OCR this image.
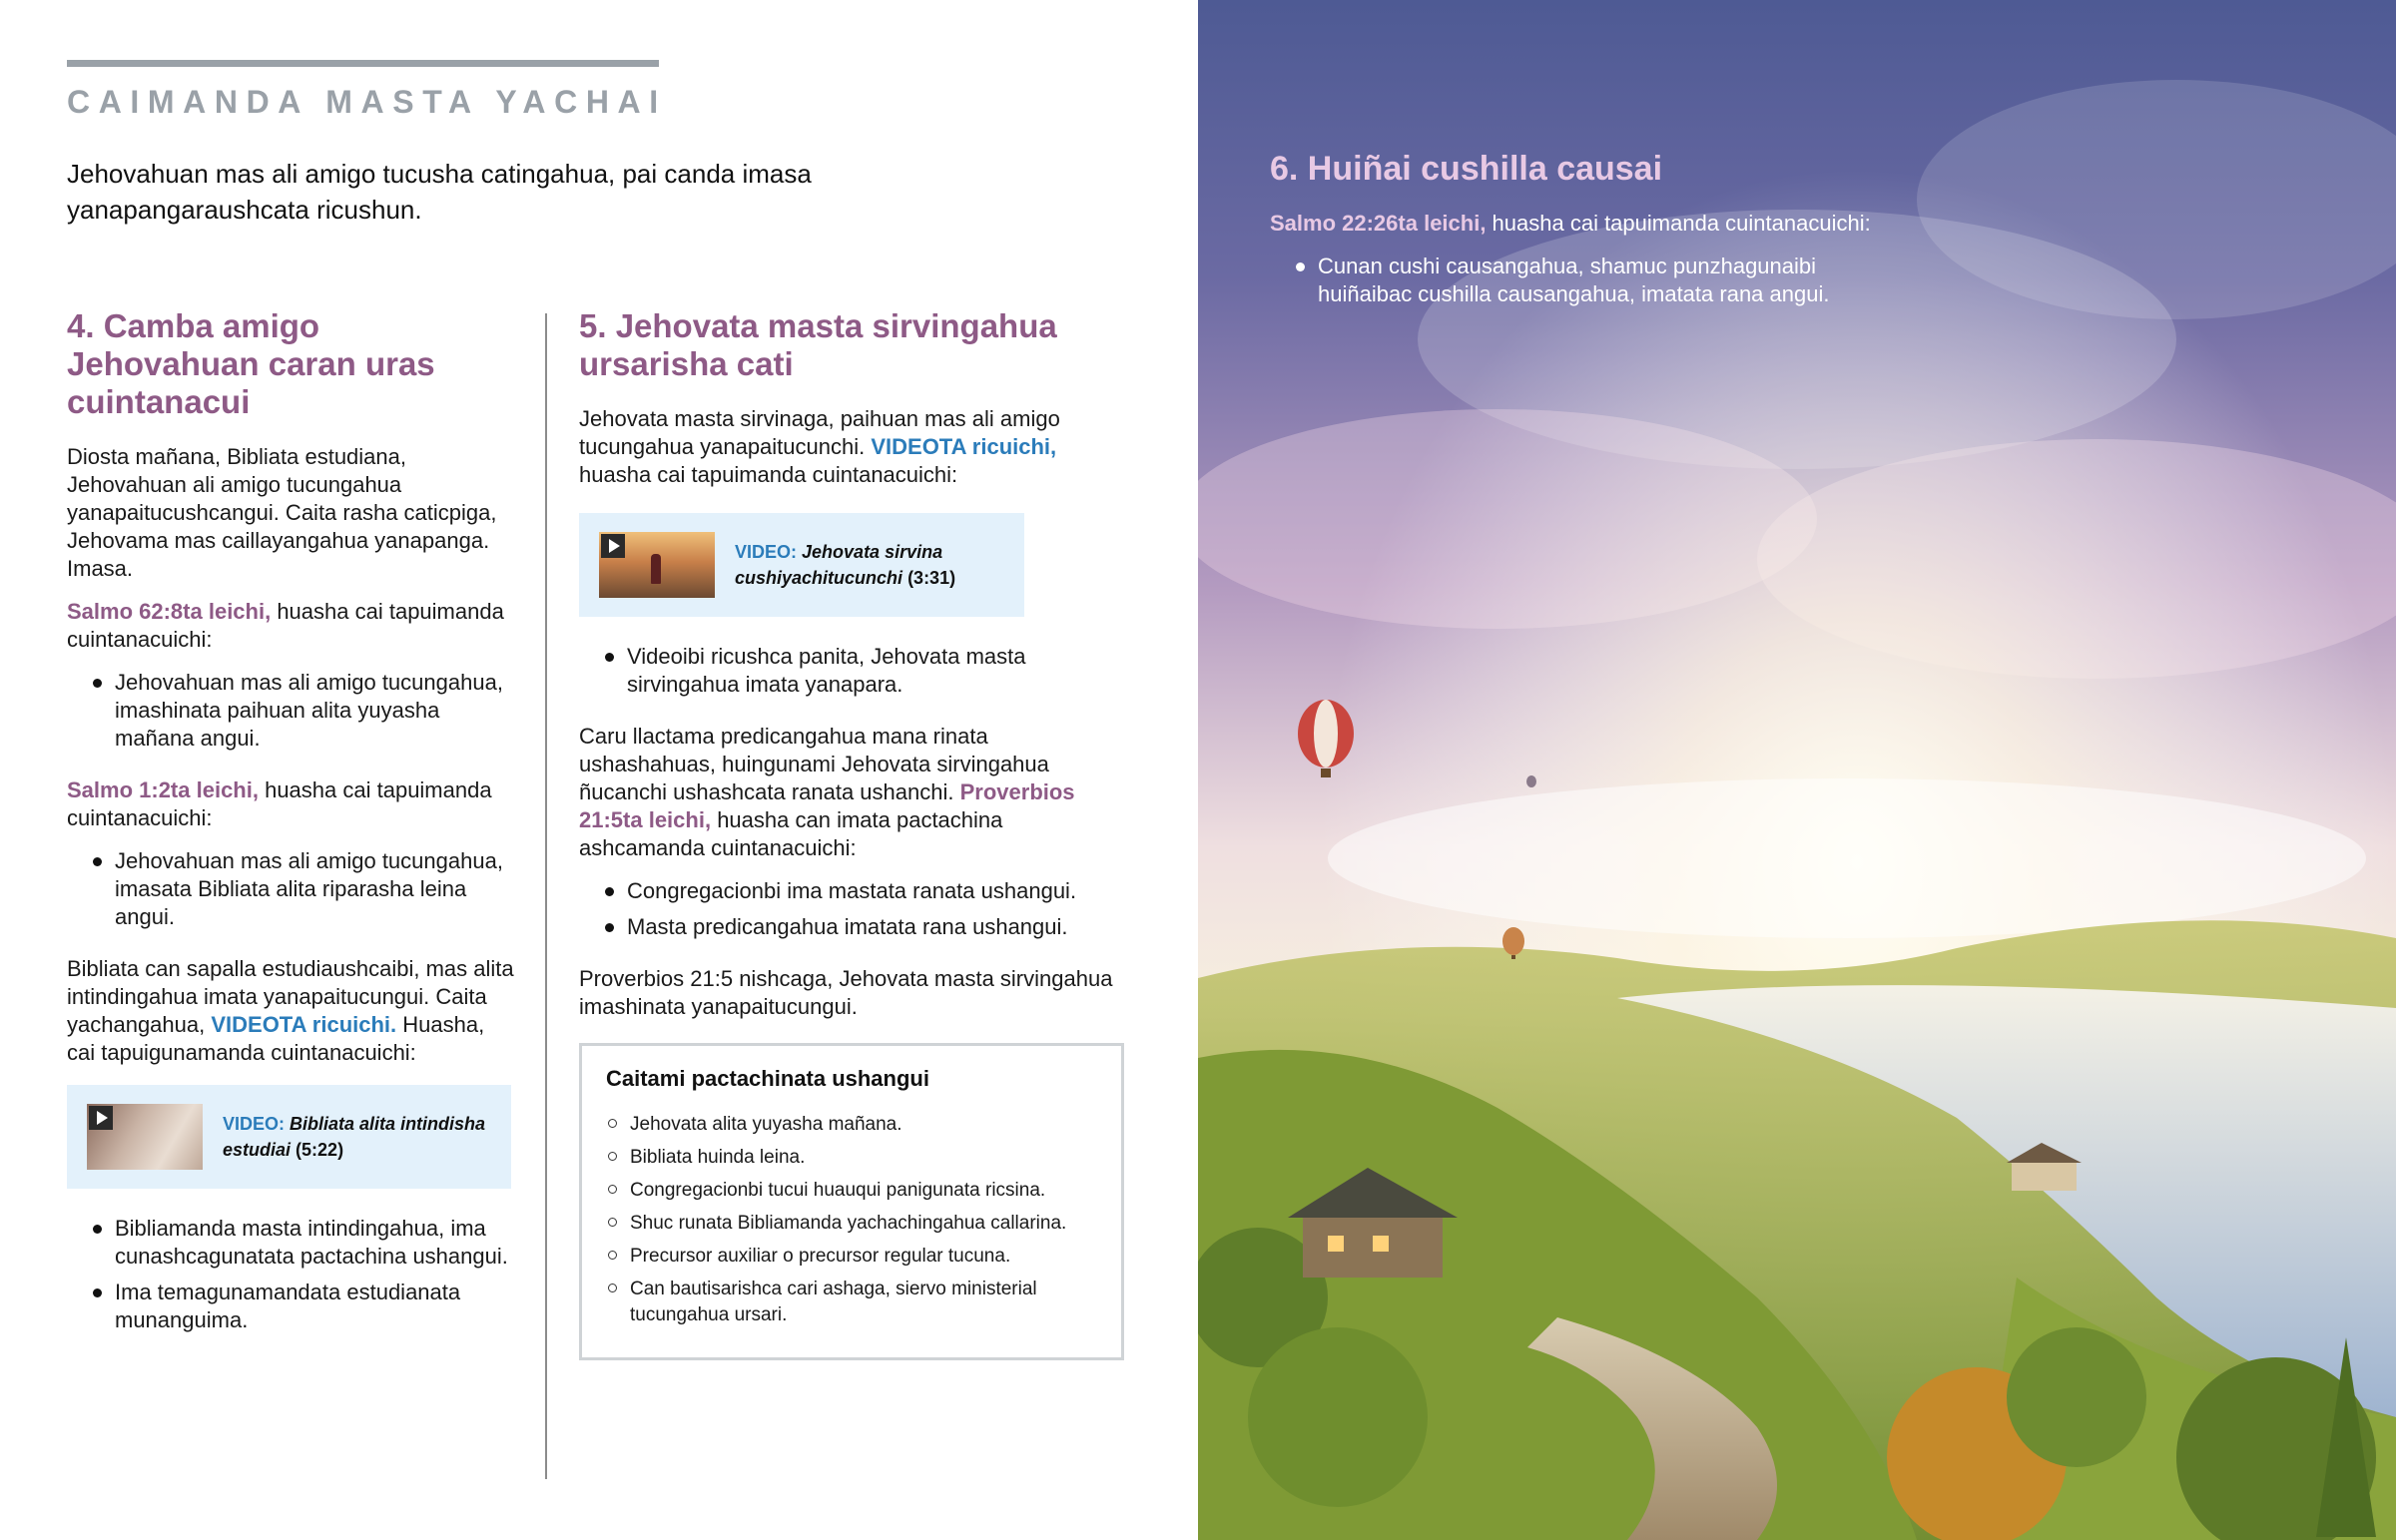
CAIMANDA MASTA YACHAI
Jehovahuan mas ali amigo tucusha catingahua, pai canda imasa yanapangaraushcata ricushun.
4. Camba amigo Jehovahuan caran uras cuintanacui

Diosta mañana, Bibliata estudiana, Jehovahuan ali amigo tucungahua yanapaitucushcangui. Caita rasha caticpiga, Jehovama mas caillayangahua yanapanga. Imasa.

Salmo 62:8ta leichi, huasha cai tapuimanda cuintanacuichi:

Jehovahuan mas ali amigo tucungahua, imashinata paihuan alita yuyasha mañana angui.

Salmo 1:2ta leichi, huasha cai tapuimanda cuintanacuichi:

Jehovahuan mas ali amigo tucungahua, imasata Bibliata alita riparasha leina angui.

Bibliata can sapalla estudiaushcaibi, mas alita intindingahua imata yanapaitucungui. Caita yachangahua, VIDEOTA ricuichi. Huasha, cai tapuigunamanda cuintanacuichi:

VIDEO: Bibliata alita intindisha estudiai (5:22)
Bibliamanda masta intindingahua, ima cunashcagunatata pactachina ushangui.
Ima temagunamandata estudianata munanguima.
5. Jehovata masta sirvingahua ursarisha cati

Jehovata masta sirvinaga, paihuan mas ali amigo tucungahua yanapaitucunchi. VIDEOTA ricuichi, huasha cai tapuimanda cuintanacuichi:

VIDEO: Jehovata sirvina cushiyachitucunchi (3:31)
Videoibi ricushca panita, Jehovata masta sirvingahua imata yanapara.

Caru llactama predicangahua mana rinata ushashahuas, huingunami Jehovata sirvingahua ñucanchi ushashcata ranata ushanchi. Proverbios 21:5ta leichi, huasha can imata pactachina ashcamanda cuintanacuichi:

Congregacionbi ima mastata ranata ushangui.
Masta predicangahua imatata rana ushangui.

Proverbios 21:5 nishcaga, Jehovata masta sirvingahua imashinata yanapaitucungui.

Caitami pactachinata ushangui
Jehovata alita yuyasha mañana.
Bibliata huinda leina.
Congregacionbi tucui huauqui panigunata ricsina.
Shuc runata Bibliamanda yachachingahua callarina.
Precursor auxiliar o precursor regular tucuna.
Can bautisarishca cari ashaga, siervo ministerial tucungahua ursari.
6. Huiñai cushilla causai

Salmo 22:26ta leichi, huasha cai tapuimanda cuintanacuichi:

Cunan cushi causangahua, shamuc punzhagunaibi huiñaibac cushilla causangahua, imatata rana angui.
